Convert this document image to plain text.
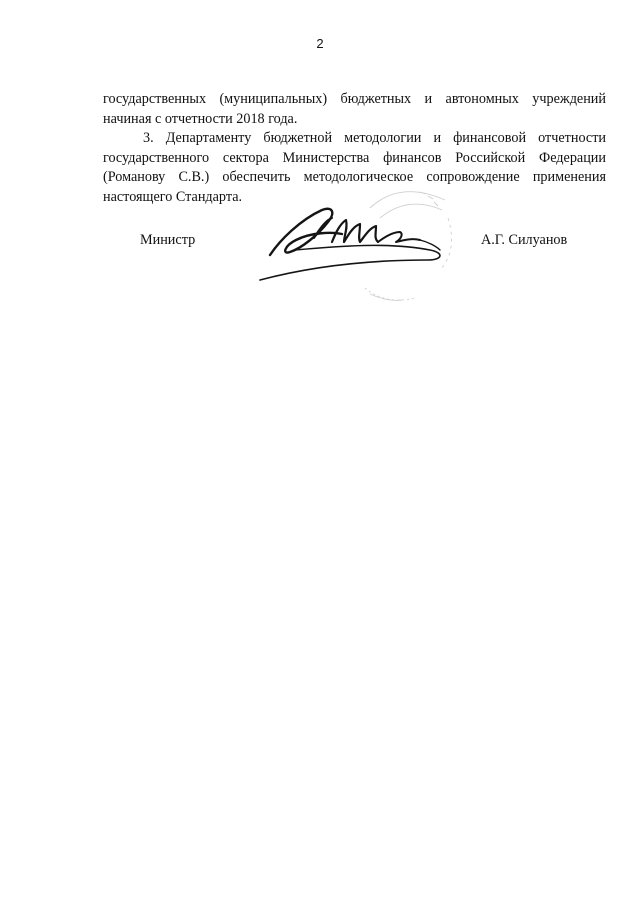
2

государственных (муниципальных) бюджетных и автономных учреждений
начиная с отчетности 2018 года.

3. Департаменту бюджетной методологии и финансовой отчетности
государственного сектора Министерства финансов Российской Федерации
(Романову С.В.) обеспечить методологическое сопровождение применения
настоящего Стандарта.

Министр	А.Г. Силуанов
